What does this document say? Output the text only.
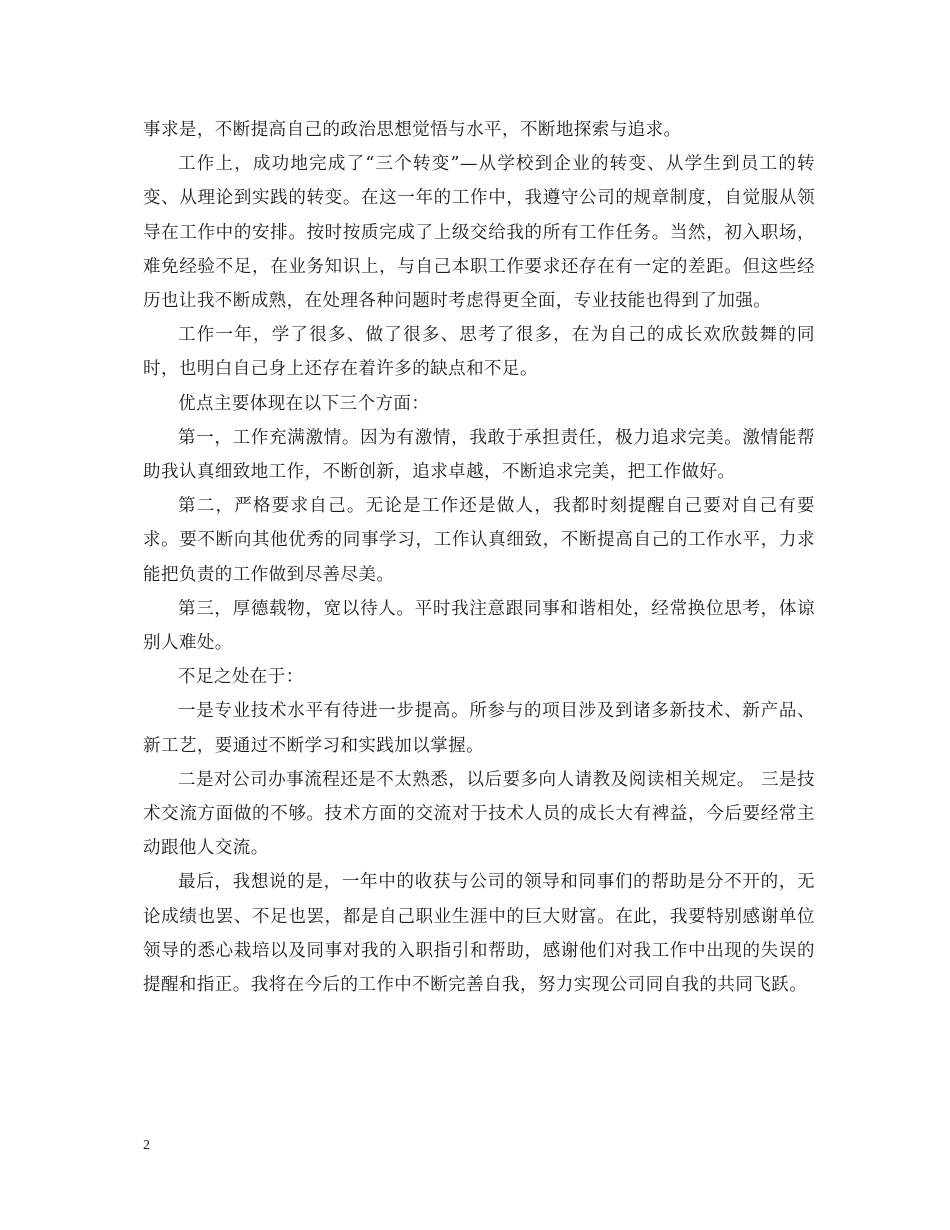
事求是，不断提高自己的政治思想觉悟与水平，不断地探索与追求。

工作上，成功地完成了“三个转变”—从学校到企业的转变、从学生到员工的转变、从理论到实践的转变。在这一年的工作中，我遵守公司的规章制度，自觉服从领导在工作中的安排。按时按质完成了上级交给我的所有工作任务。当然，初入职场，难免经验不足，在业务知识上，与自己本职工作要求还存在有一定的差距。但这些经历也让我不断成熟，在处理各种问题时考虑得更全面，专业技能也得到了加强。

工作一年，学了很多、做了很多、思考了很多，在为自己的成长欢欣鼓舞的同时，也明白自己身上还存在着许多的缺点和不足。

优点主要体现在以下三个方面：

第一，工作充满激情。因为有激情，我敢于承担责任，极力追求完美。激情能帮助我认真细致地工作，不断创新，追求卓越，不断追求完美，把工作做好。

第二，严格要求自己。无论是工作还是做人，我都时刻提醒自己要对自己有要求。要不断向其他优秀的同事学习，工作认真细致，不断提高自己的工作水平，力求能把负责的工作做到尽善尽美。

第三，厚德载物，宽以待人。平时我注意跟同事和谐相处，经常换位思考，体谅别人难处。

不足之处在于：

一是专业技术水平有待进一步提高。所参与的项目涉及到诸多新技术、新产品、新工艺，要通过不断学习和实践加以掌握。

二是对公司办事流程还是不太熟悉，以后要多向人请教及阅读相关规定。 三是技术交流方面做的不够。技术方面的交流对于技术人员的成长大有裨益，今后要经常主动跟他人交流。

最后，我想说的是，一年中的收获与公司的领导和同事们的帮助是分不开的，无论成绩也罢、不足也罢，都是自己职业生涯中的巨大财富。在此，我要特别感谢单位领导的悉心栽培以及同事对我的入职指引和帮助，感谢他们对我工作中出现的失误的提醒和指正。我将在今后的工作中不断完善自我，努力实现公司同自我的共同飞跃。

2
